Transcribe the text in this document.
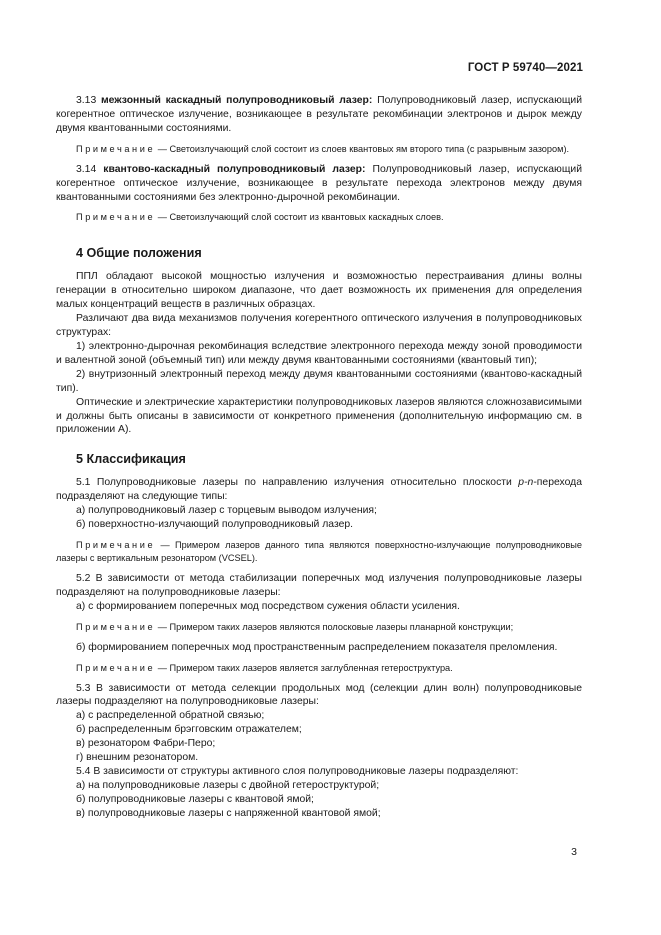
ГОСТ Р 59740—2021

3.13 межзонный каскадный полупроводниковый лазер: Полупроводниковый лазер, испускающий когерентное оптическое излучение, возникающее в результате рекомбинации электронов и дырок между двумя квантованными состояниями.

Примечание — Светоизлучающий слой состоит из слоев квантовых ям второго типа (с разрывным зазором).

3.14 квантово-каскадный полупроводниковый лазер: Полупроводниковый лазер, испускающий когерентное оптическое излучение, возникающее в результате перехода электронов между двумя квантованными состояниями без электронно-дырочной рекомбинации.

Примечание — Светоизлучающий слой состоит из квантовых каскадных слоев.

4 Общие положения

ППЛ обладают высокой мощностью излучения и возможностью перестраивания длины волны генерации в относительно широком диапазоне, что дает возможность их применения для определения малых концентраций веществ в различных образцах.

Различают два вида механизмов получения когерентного оптического излучения в полупроводниковых структурах:

1) электронно-дырочная рекомбинация вследствие электронного перехода между зоной проводимости и валентной зоной (объемный тип) или между двумя квантованными состояниями (квантовый тип);

2) внутризонный электронный переход между двумя квантованными состояниями (квантово-каскадный тип).

Оптические и электрические характеристики полупроводниковых лазеров являются сложнозависимыми и должны быть описаны в зависимости от конкретного применения (дополнительную информацию см. в приложении А).

5 Классификация

5.1 Полупроводниковые лазеры по направлению излучения относительно плоскости р-n-перехода подразделяют на следующие типы:

а) полупроводниковый лазер с торцевым выводом излучения;

б) поверхностно-излучающий полупроводниковый лазер.

Примечание — Примером лазеров данного типа являются поверхностно-излучающие полупроводниковые лазеры с вертикальным резонатором (VCSEL).

5.2 В зависимости от метода стабилизации поперечных мод излучения полупроводниковые лазеры подразделяют на полупроводниковые лазеры:

а) с формированием поперечных мод посредством сужения области усиления.

Примечание — Примером таких лазеров являются полосковые лазеры планарной конструкции;

б) формированием поперечных мод пространственным распределением показателя преломления.

Примечание — Примером таких лазеров является заглубленная гетероструктура.

5.3 В зависимости от метода селекции продольных мод (селекции длин волн) полупроводниковые лазеры подразделяют на полупроводниковые лазеры:

а) с распределенной обратной связью;

б) распределенным брэгговским отражателем;

в) резонатором Фабри-Перо;

г) внешним резонатором.

5.4 В зависимости от структуры активного слоя полупроводниковые лазеры подразделяют:

а) на полупроводниковые лазеры с двойной гетероструктурой;

б) полупроводниковые лазеры с квантовой ямой;

в) полупроводниковые лазеры с напряженной квантовой ямой;

3
